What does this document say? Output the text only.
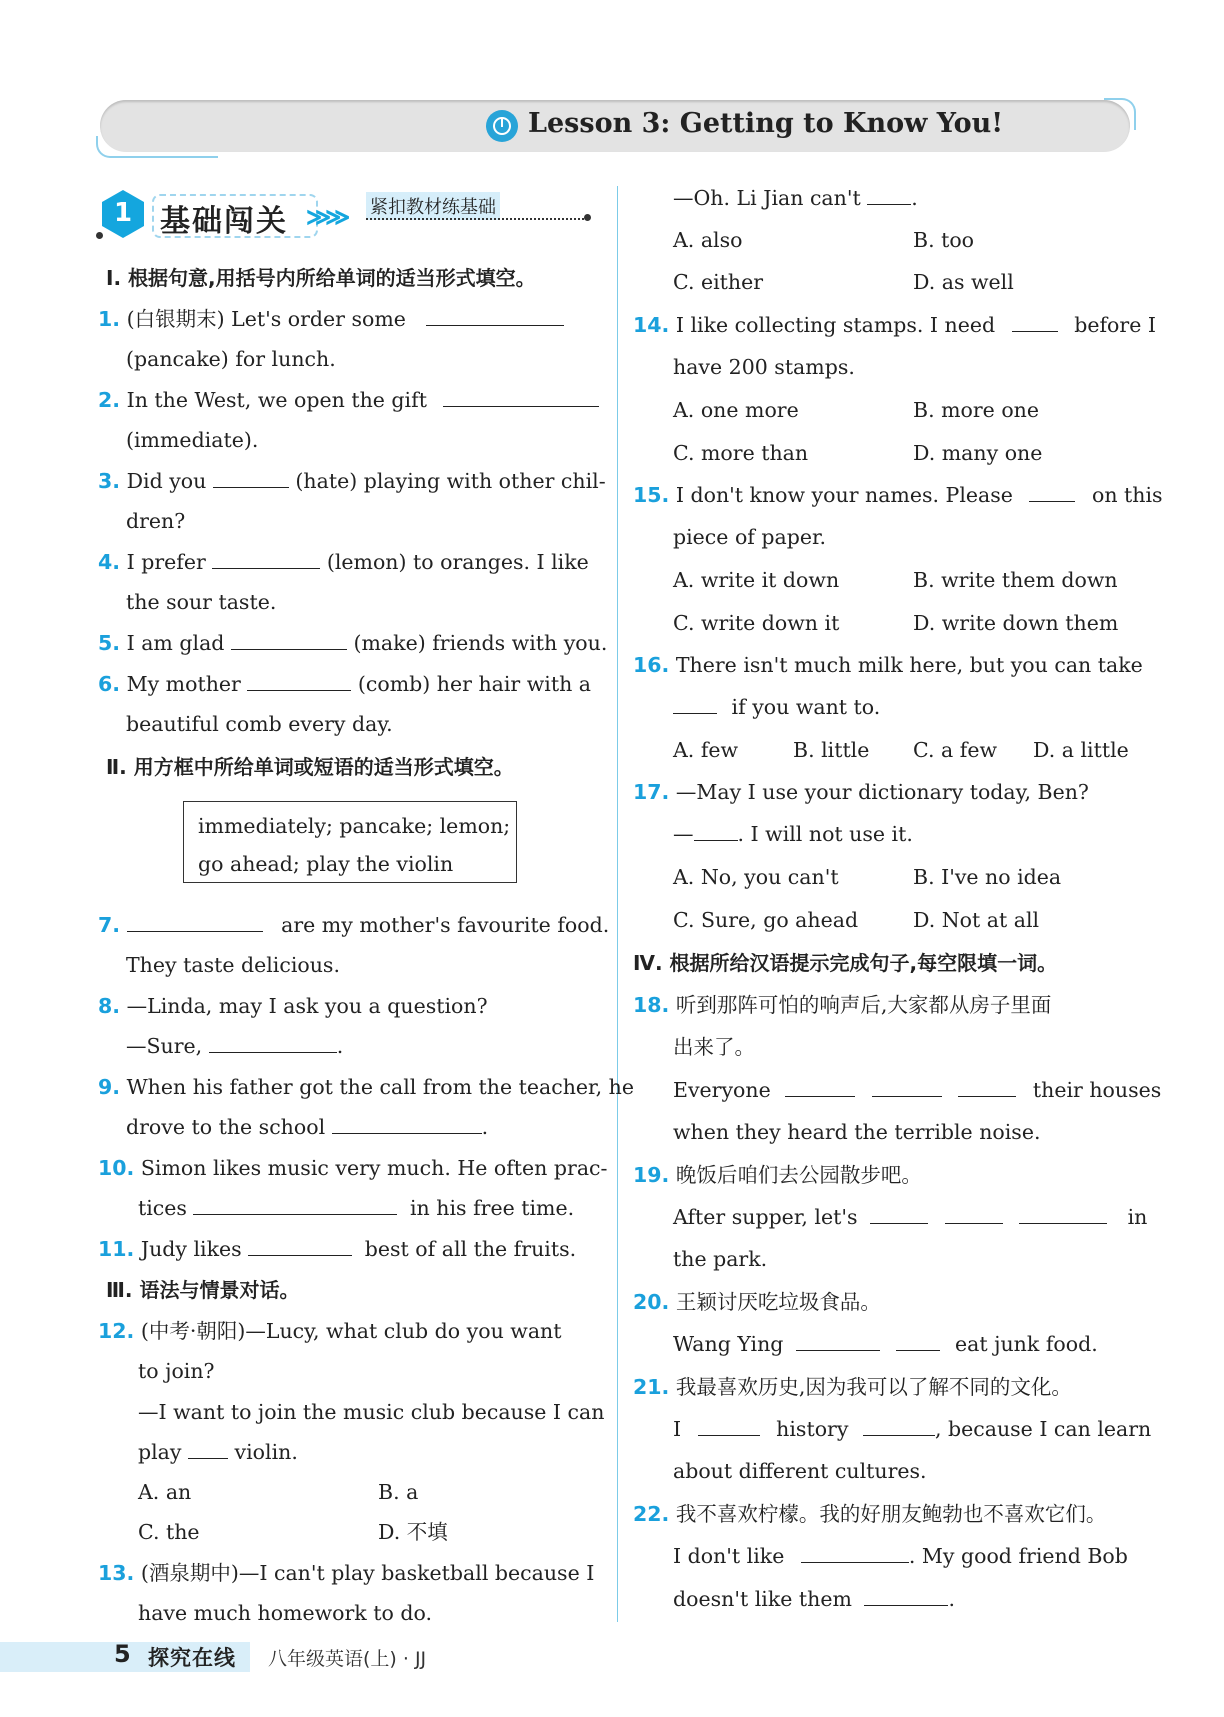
Lesson 3: Getting to Know You!
1 基础闯关 ≫≫ 紧扣教材练基础
Ⅰ. 根据句意,用括号内所给单词的适当形式填空。
1. (白银期末) Let's order some
(pancake) for lunch.
2. In the West, we open the gift
(immediate).
3. Did you	(hate) playing with other chil-
dren?
4. I prefer	(lemon) to oranges. I like
the sour taste.
5. I am glad	(make) friends with you.
6. My mother	(comb) her hair with a
beautiful comb every day.
Ⅱ. 用方框中所给单词或短语的适当形式填空。
7.	are my mother's favourite food.
They taste delicious.
8. —Linda, may I ask you a question?
—Sure,	.
9. When his father got the call from the teacher, he
drove to the school	.
10. Simon likes music very much. He often prac-
tices	in his free time.
11. Judy likes	best of all the fruits.
Ⅲ. 语法与情景对话。
12. (中考·朝阳)—Lucy, what club do you want
to join?
—I want to join the music club because I can
play	violin.
A. an	B. a
C. the	D. 不填
13. (酒泉期中)—I can't play basketball because I
have much homework to do.
immediately; pancake; lemon;
go ahead; play the violin
—Oh. Li Jian can't .
A. also	B. too
C. either	D. as well
14. I like collecting stamps. I need	before I
have 200 stamps.
A. one more	B. more one
C. more than	D. many one
15. I don't know your names. Please	on this
piece of paper.
A. write it down	B. write them down
C. write down it	D. write down them
16. There isn't much milk here, but you can take
if you want to.
A. few	B. little C. a few D. a little
17. —May I use your dictionary today, Ben?
— . I will not use it.
A. No, you can't	B. I've no idea
C. Sure, go ahead	D. Not at all
Ⅳ. 根据所给汉语提示完成句子,每空限填一词。
18. 听到那阵可怕的响声后,大家都从房子里面
出来了。
Everyone	their houses
when they heard the terrible noise.
19. 晚饭后咱们去公园散步吧。
After supper, let's	in
the park.
20. 王颖讨厌吃垃圾食品。
Wang Ying	eat junk food.
21. 我最喜欢历史,因为我可以了解不同的文化。
I	history	, because I can learn
about different cultures.
22. 我不喜欢柠檬。我的好朋友鲍勃也不喜欢它们。
I don't like	. My good friend Bob
doesn't like them	.
5 探究在线 八年级英语(上) · JJ
